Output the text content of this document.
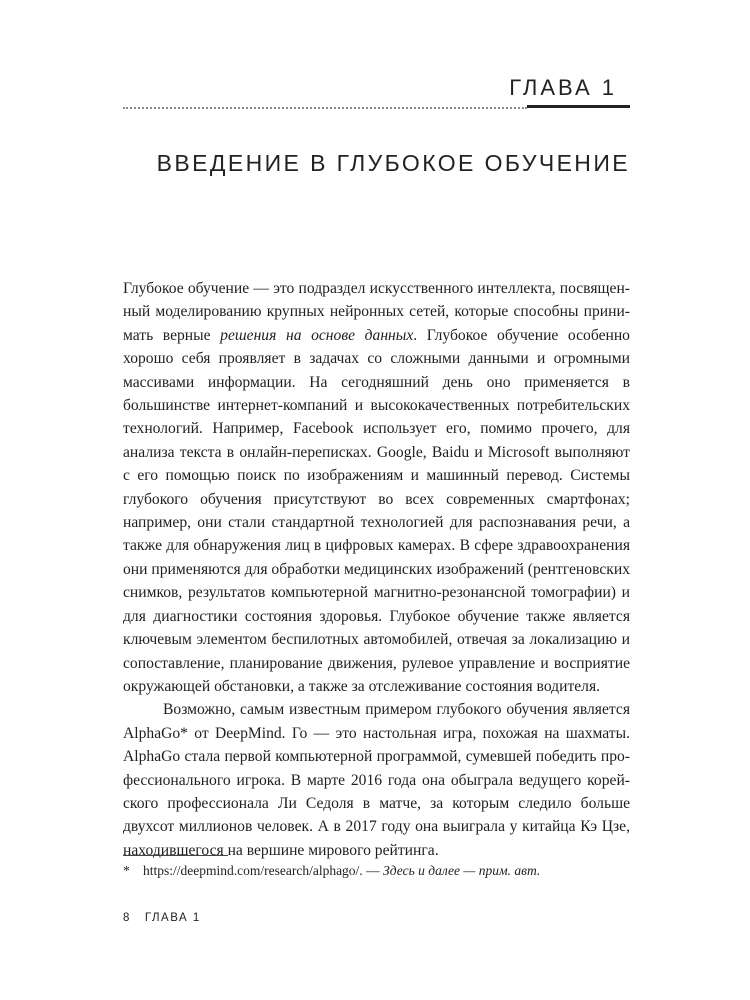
ГЛАВА 1
ВВЕДЕНИЕ В ГЛУБОКОЕ ОБУЧЕНИЕ

Глубокое обучение — это подраздел искусственного интеллекта, посвященный моделированию крупных нейронных сетей, которые способны принимать верные решения на основе данных. Глубокое обучение особенно хорошо себя проявляет в задачах со сложными данными и огромными массивами информации. На сегодняшний день оно применяется в большинстве интернет-компаний и высококачественных потребительских технологий. Например, Facebook использует его, помимо прочего, для анализа текста в онлайн-переписках. Google, Baidu и Microsoft выполняют с его помощью поиск по изображениям и машинный перевод. Системы глубокого обучения присутствуют во всех современных смартфонах; например, они стали стандартной технологией для распознавания речи, а также для обнаружения лиц в цифровых камерах. В сфере здравоохранения они применяются для обработки медицинских изображений (рентгеновских снимков, результатов компьютерной магнитно-резонансной томографии) и для диагностики состояния здоровья. Глубокое обучение также является ключевым элементом беспилотных автомобилей, отвечая за локализацию и сопоставление, планирование движения, рулевое управление и восприятие окружающей обстановки, а также за отслеживание состояния водителя.

Возможно, самым известным примером глубокого обучения является AlphaGo* от DeepMind. Го — это настольная игра, похожая на шахматы. AlphaGo стала первой компьютерной программой, сумевшей победить профессионального игрока. В марте 2016 года она обыграла ведущего корейского профессионала Ли Седоля в матче, за которым следило больше двухсот миллионов человек. А в 2017 году она выиграла у китайца Кэ Цзе, находившегося на вершине мирового рейтинга.

* https://deepmind.com/research/alphago/. — Здесь и далее — прим. авт.
8 ГЛАВА 1
